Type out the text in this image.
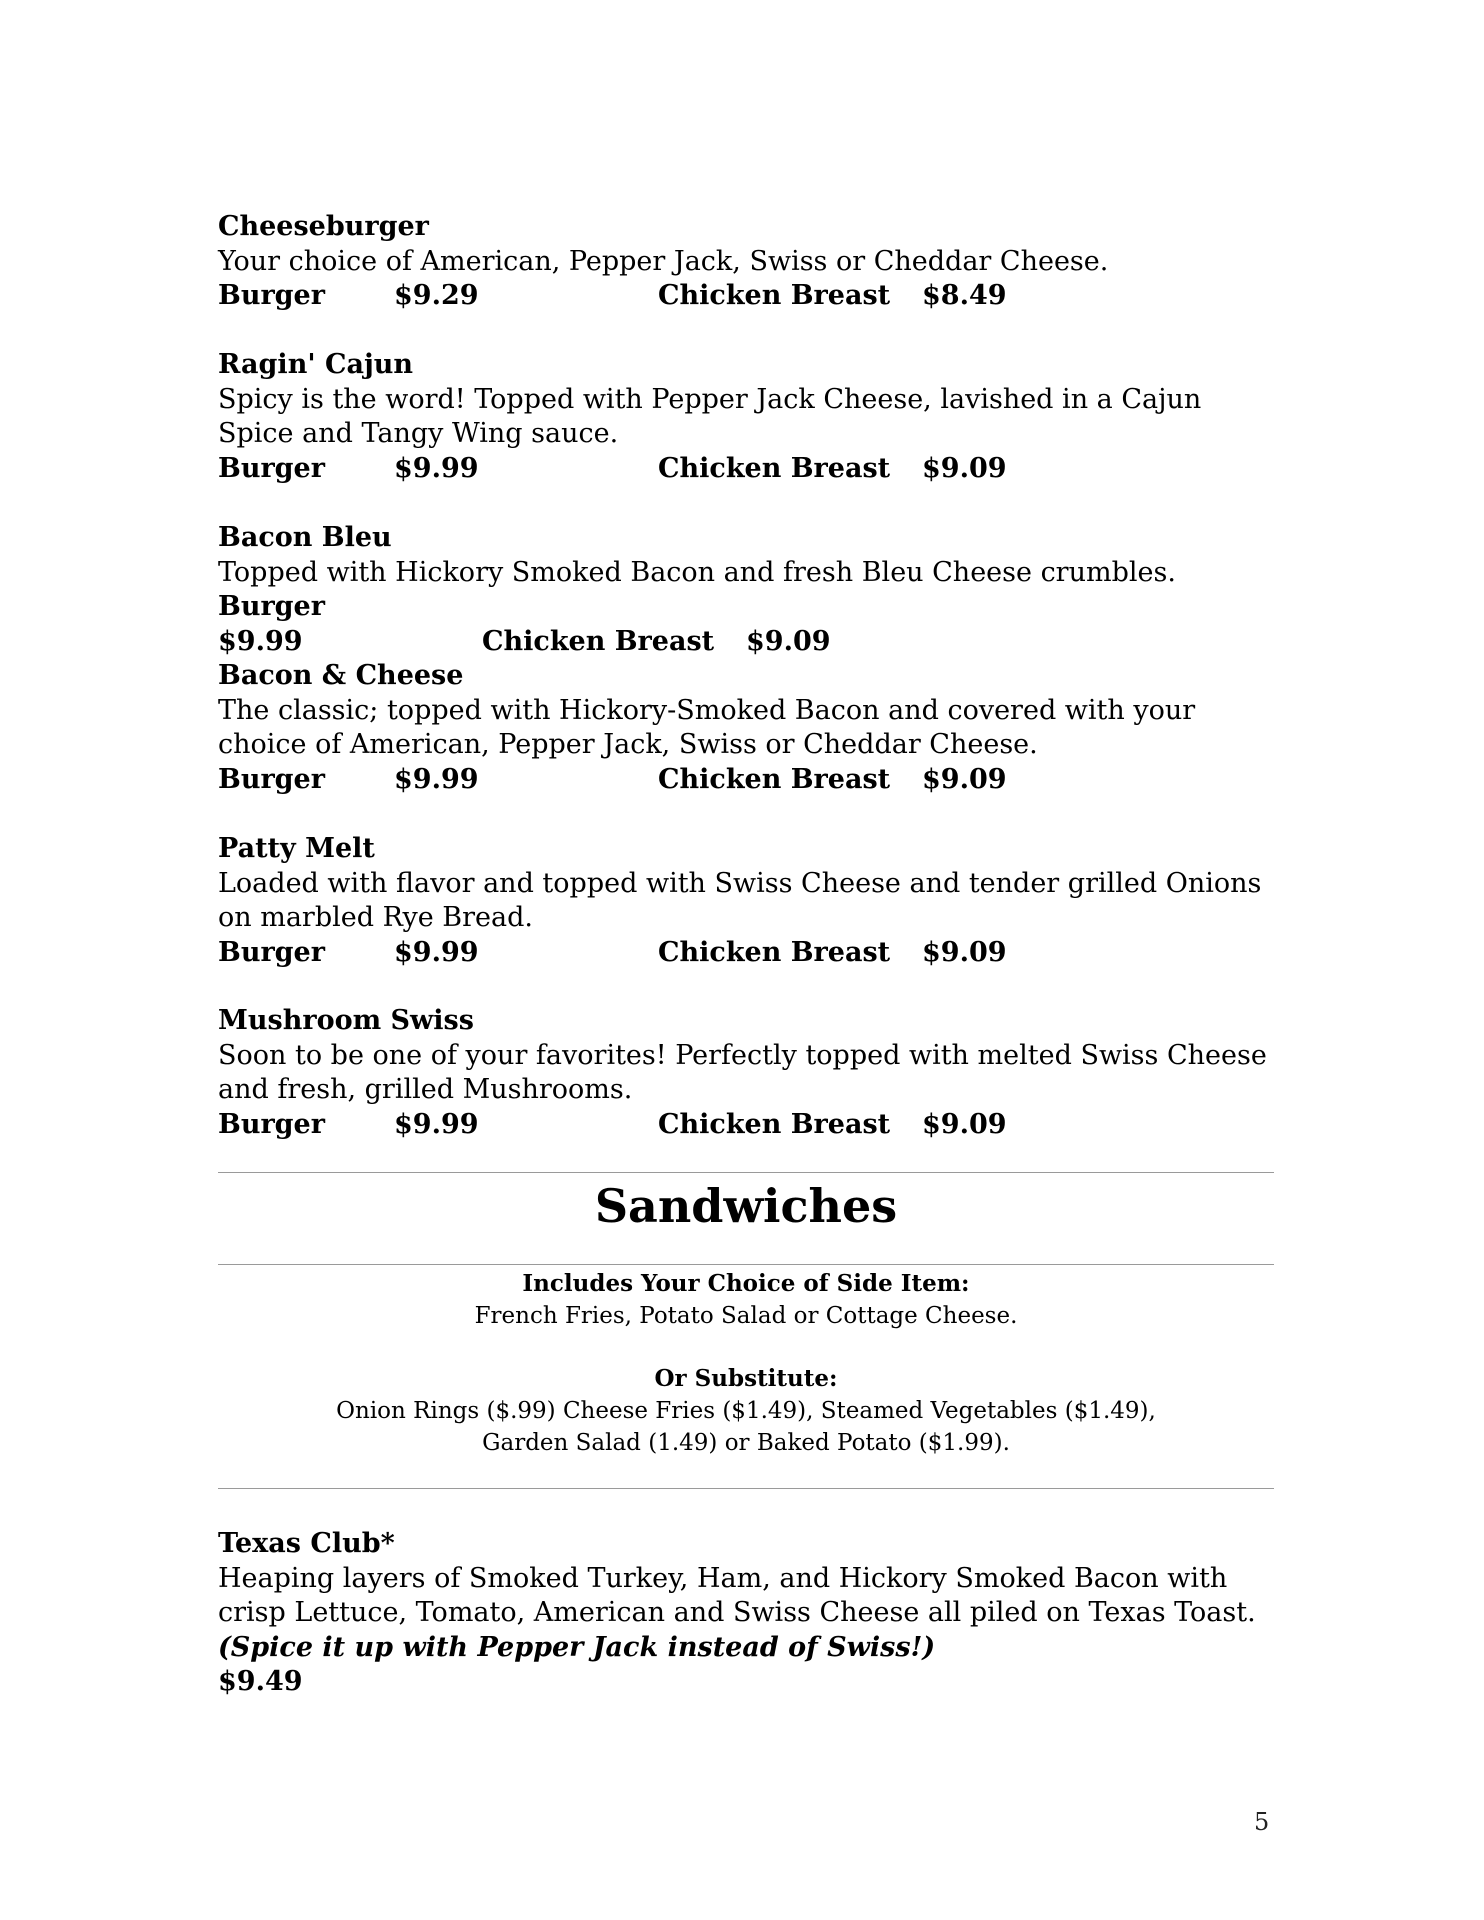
Cheeseburger
Your choice of American, Pepper Jack, Swiss or Cheddar Cheese.
Burger	$9.29	Chicken Breast $8.49
Ragin' Cajun
Spicy is the word! Topped with Pepper Jack Cheese, lavished in a Cajun Spice and Tangy Wing sauce.
Burger	$9.99	Chicken Breast $9.09
Bacon Bleu
Topped with Hickory Smoked Bacon and fresh Bleu Cheese crumbles. Burger
$9.99	Chicken Breast $9.09
Bacon & Cheese
The classic; topped with Hickory-Smoked Bacon and covered with your choice of American, Pepper Jack, Swiss or Cheddar Cheese.
Burger	$9.99	Chicken Breast $9.09
Patty Melt
Loaded with flavor and topped with Swiss Cheese and tender grilled Onions on marbled Rye Bread.
Burger	$9.99	Chicken Breast $9.09
Mushroom Swiss
Soon to be one of your favorites! Perfectly topped with melted Swiss Cheese and fresh, grilled Mushrooms.
Burger	$9.99	Chicken Breast $9.09
Sandwiches
Includes Your Choice of Side Item:
French Fries, Potato Salad or Cottage Cheese.
Or Substitute:
Onion Rings ($.99) Cheese Fries ($1.49), Steamed Vegetables ($1.49),
Garden Salad (1.49) or Baked Potato ($1.99).
Texas Club*
Heaping layers of Smoked Turkey, Ham, and Hickory Smoked Bacon with crisp Lettuce, Tomato, American and Swiss Cheese all piled on Texas Toast.
(Spice it up with Pepper Jack instead of Swiss!)
$9.49
5
